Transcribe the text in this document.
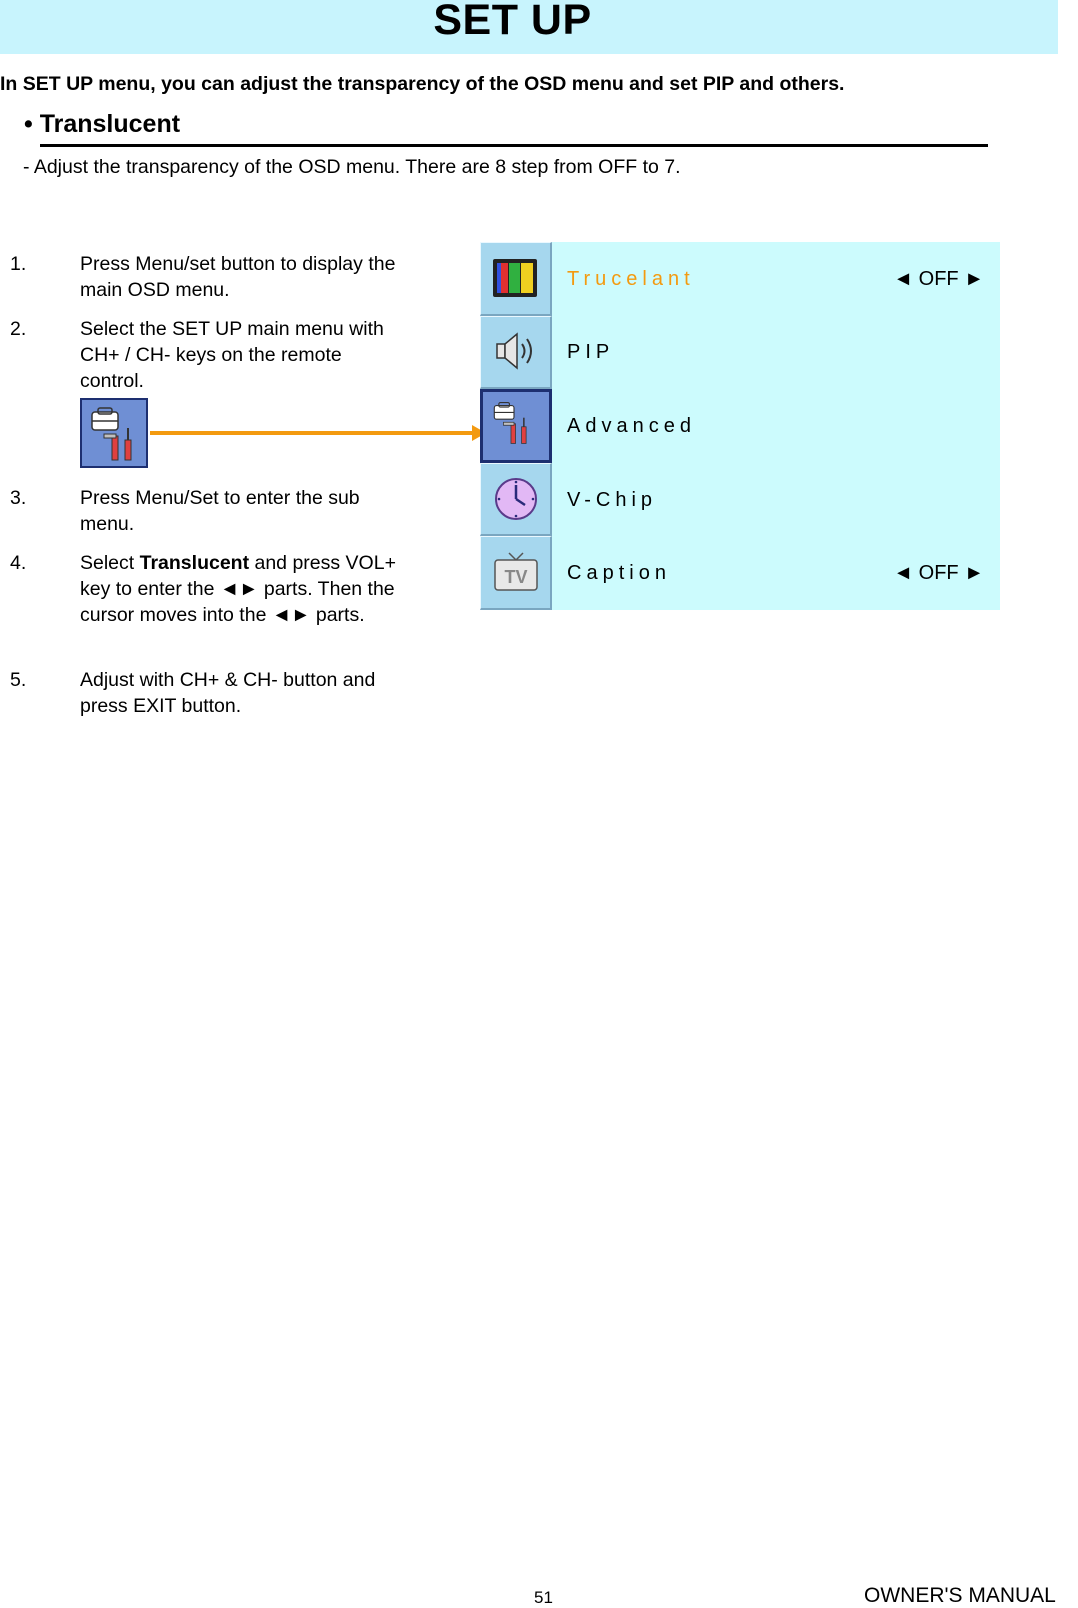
SET UP
In SET UP menu, you can adjust the transparency of the OSD menu and set PIP and others.
• Translucent
- Adjust the transparency of the OSD menu. There are 8 step from OFF to 7.
1.	Press Menu/set button to display the main OSD menu.
2.	Select the SET UP main menu with CH+ / CH- keys on the remote control.
3.	Press Menu/Set to enter the sub menu.
4.	Select Translucent and press VOL+ key to enter the ◄► parts. Then the cursor moves into the ◄► parts.
5.	Adjust with CH+ & CH- button and press EXIT button.
TV
Trucelant	◄ OFF ►
PIP
Advanced
V-Chip
Caption	◄ OFF ►
51	OWNER'S MANUAL
